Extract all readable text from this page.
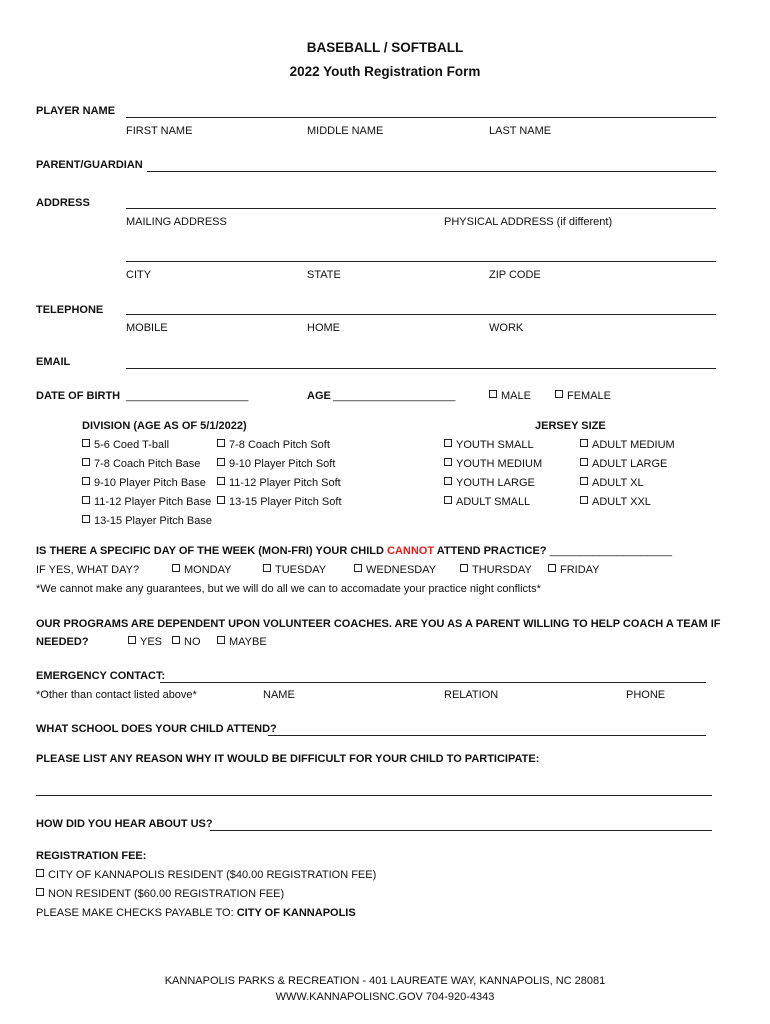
BASEBALL / SOFTBALL
2022 Youth Registration Form
PLAYER NAME
FIRST NAME	MIDDLE NAME	LAST NAME
PARENT/GUARDIAN
ADDRESS
MAILING ADDRESS	PHYSICAL ADDRESS (if different)
CITY	STATE	ZIP CODE
TELEPHONE
MOBILE	HOME	WORK
EMAIL
DATE OF BIRTH ____________________	AGE ____________________	MALE	FEMALE
DIVISION (AGE AS OF 5/1/2022)
5-6 Coed T-ball	7-8 Coach Pitch Soft
7-8 Coach Pitch Base	9-10 Player Pitch Soft
9-10 Player Pitch Base	11-12 Player Pitch Soft
11-12 Player Pitch Base	13-15 Player Pitch Soft
13-15 Player Pitch Base
JERSEY SIZE
YOUTH SMALL	ADULT MEDIUM
YOUTH MEDIUM	ADULT LARGE
YOUTH LARGE	ADULT XL
ADULT SMALL	ADULT XXL
IS THERE A SPECIFIC DAY OF THE WEEK (MON-FRI) YOUR CHILD CANNOT ATTEND PRACTICE? ____________________
IF YES, WHAT DAY?	MONDAY	TUESDAY	WEDNESDAY	THURSDAY	FRIDAY
*We cannot make any guarantees, but we will do all we can to accomadate your practice night conflicts*
OUR PROGRAMS ARE DEPENDENT UPON VOLUNTEER COACHES. ARE YOU AS A PARENT WILLING TO HELP COACH A TEAM IF
NEEDED?	YES	NO	MAYBE
EMERGENCY CONTACT:
*Other than contact listed above*	NAME	RELATION	PHONE
WHAT SCHOOL DOES YOUR CHILD ATTEND?
PLEASE LIST ANY REASON WHY IT WOULD BE DIFFICULT FOR YOUR CHILD TO PARTICIPATE:
HOW DID YOU HEAR ABOUT US?
REGISTRATION FEE:
CITY OF KANNAPOLIS RESIDENT ($40.00 REGISTRATION FEE)
NON RESIDENT ($60.00 REGISTRATION FEE)
PLEASE MAKE CHECKS PAYABLE TO: CITY OF KANNAPOLIS
KANNAPOLIS PARKS & RECREATION - 401 LAUREATE WAY, KANNAPOLIS, NC 28081
WWW.KANNAPOLISNC.GOV 704-920-4343
